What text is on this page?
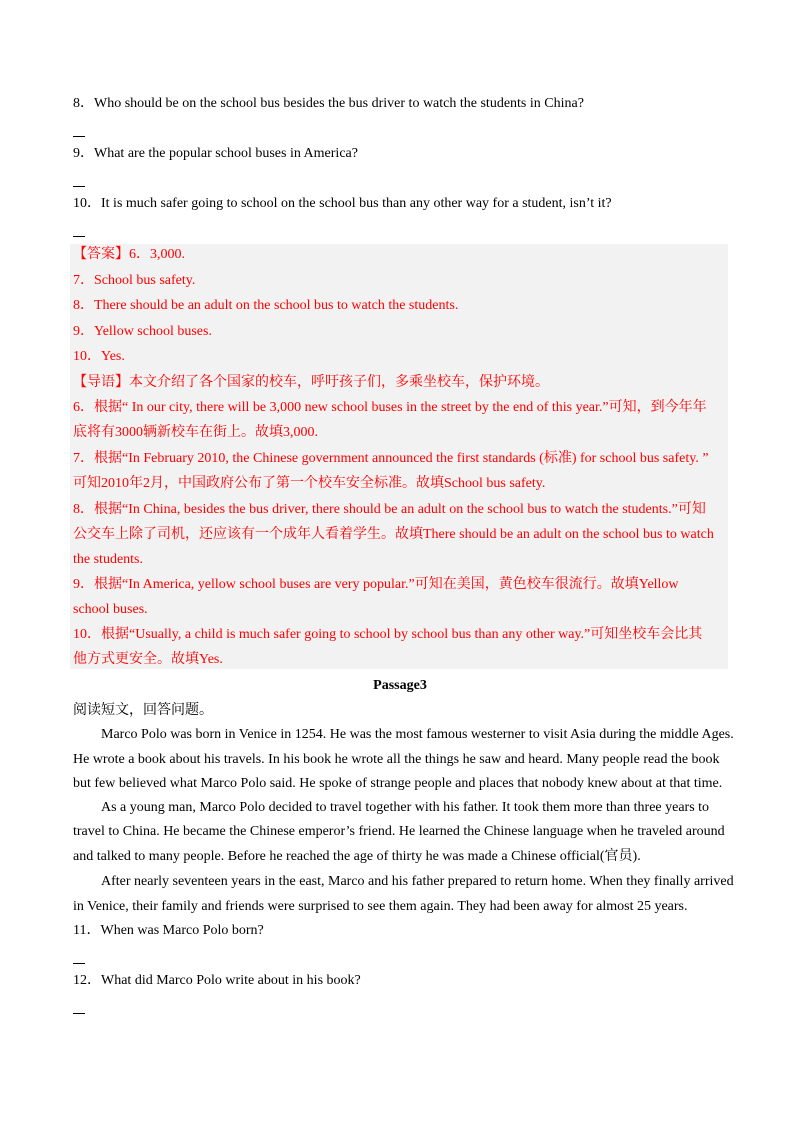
8．Who should be on the school bus besides the bus driver to watch the students in China?
9．What are the popular school buses in America?
10．It is much safer going to school on the school bus than any other way for a student, isn’t it?
【答案】6．3,000.
7．School bus safety.
8．There should be an adult on the school bus to watch the students.
9．Yellow school buses.
10．Yes.
【导语】本文介绍了各个国家的校车，呼吁孩子们，多乘坐校车，保护环境。
6．根据“ In our city, there will be 3,000 new school buses in the street by the end of this year.”可知，到今年年
底将有3000辆新校车在街上。故填3,000.
7．根据“In February 2010, the Chinese government announced the first standards (标准) for school bus safety. ”
可知2010年2月，中国政府公布了第一个校车安全标准。故填School bus safety.
8．根据“In China, besides the bus driver, there should be an adult on the school bus to watch the students.”可知
公交车上除了司机，还应该有一个成年人看着学生。故填There should be an adult on the school bus to watch
the students.
9．根据“In America, yellow school buses are very popular.”可知在美国，黄色校车很流行。故填Yellow
school buses.
10．根据“Usually, a child is much safer going to school by school bus than any other way.”可知坐校车会比其
他方式更安全。故填Yes.
Passage3
阅读短文，回答问题。
Marco Polo was born in Venice in 1254. He was the most famous westerner to visit Asia during the middle Ages.
He wrote a book about his travels. In his book he wrote all the things he saw and heard. Many people read the book
but few believed what Marco Polo said. He spoke of strange people and places that nobody knew about at that time.
As a young man, Marco Polo decided to travel together with his father. It took them more than three years to
travel to China. He became the Chinese emperor’s friend. He learned the Chinese language when he traveled around
and talked to many people. Before he reached the age of thirty he was made a Chinese official(官员).
After nearly seventeen years in the east, Marco and his father prepared to return home. When they finally arrived
in Venice, their family and friends were surprised to see them again. They had been away for almost 25 years.
11．When was Marco Polo born?
12．What did Marco Polo write about in his book?
